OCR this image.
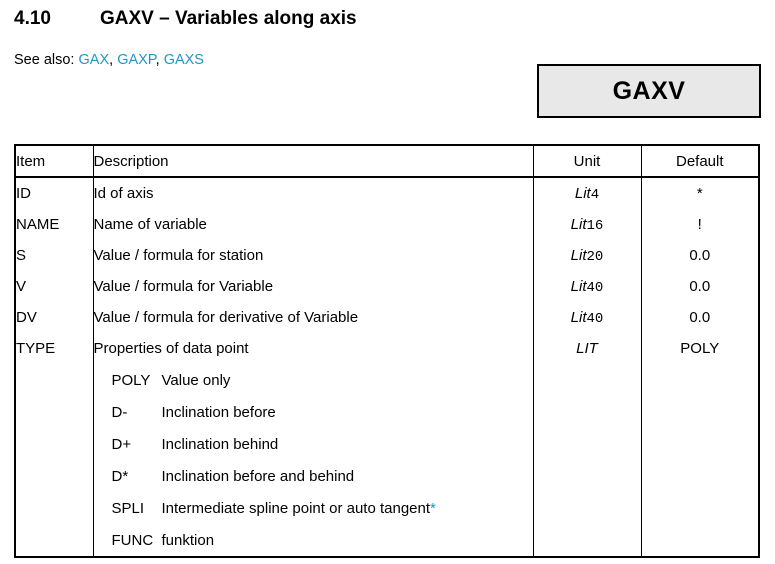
4.10	GAXV – Variables along axis
See also: GAX, GAXP, GAXS
GAXV
Item	Description	Unit	Default
ID	Id of axis	Lit4	*
NAME	Name of variable	Lit16	!
S	Value / formula for station	Lit20	0.0
V	Value / formula for Variable	Lit40	0.0
DV	Value / formula for derivative of Variable	Lit40	0.0
TYPE	Properties of data point	LIT	POLY
	POLY Value only		
	D- Inclination before		
	D+ Inclination behind		
	D* Inclination before and behind		
	SPLI Intermediate spline point or auto tangent*		
	FUNC funktion		
